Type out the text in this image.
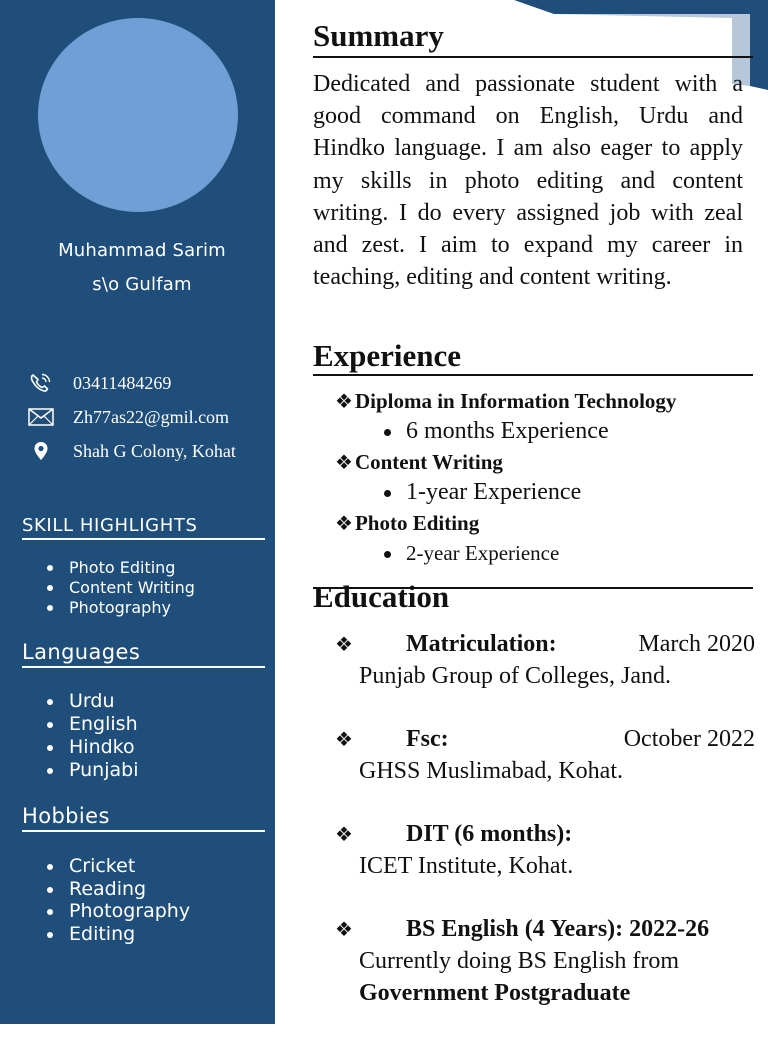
Muhammad Sarim
s\o Gulfam
03411484269
Zh77as22@gmil.com
Shah G Colony, Kohat
SKILL HIGHLIGHTS
Photo Editing
Content Writing
Photography
Languages
Urdu
English
Hindko
Punjabi
Hobbies
Cricket
Reading
Photography
Editing
Summary

Dedicated and passionate student with a good command on English, Urdu and Hindko language. I am also eager to apply my skills in photo editing and content writing. I do every assigned job with zeal and zest. I aim to expand my career in teaching, editing and content writing.

Experience
❖ Diploma in Information Technology
6 months Experience
❖ Content Writing
1-year Experience
❖ Photo Editing
2-year Experience
Education
❖	Matriculation:	March 2020
Punjab Group of Colleges, Jand.
❖	Fsc:	October 2022
GHSS Muslimabad, Kohat.
❖	DIT (6 months):
ICET Institute, Kohat.
❖	BS English (4 Years): 2022-26
Currently doing BS English from
Government Postgraduate
